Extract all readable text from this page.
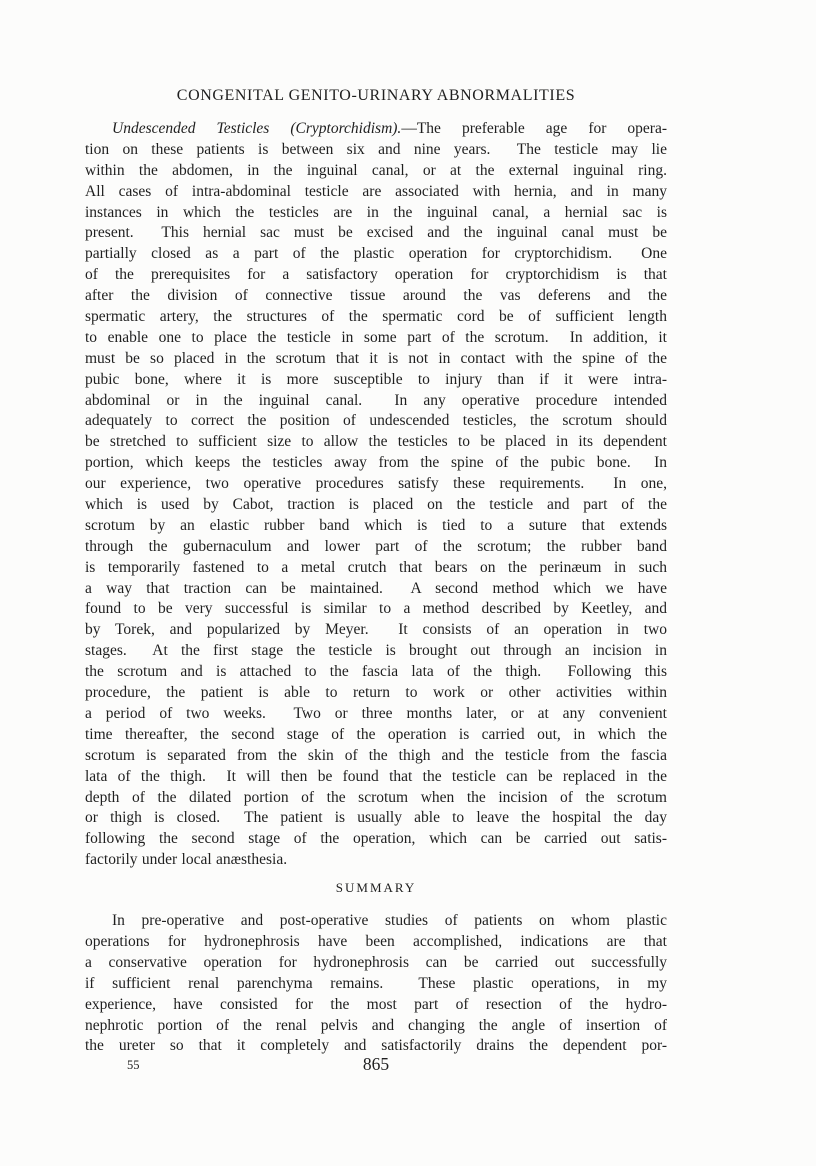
CONGENITAL GENITO-URINARY ABNORMALITIES
Undescended Testicles (Cryptorchidism).—The preferable age for opera-
tion on these patients is between six and nine years.  The testicle may lie
within the abdomen, in the inguinal canal, or at the external inguinal ring.
All cases of intra-abdominal testicle are associated with hernia, and in many
instances in which the testicles are in the inguinal canal, a hernial sac is
present.  This hernial sac must be excised and the inguinal canal must be
partially closed as a part of the plastic operation for cryptorchidism.  One
of the prerequisites for a satisfactory operation for cryptorchidism is that
after the division of connective tissue around the vas deferens and the
spermatic artery, the structures of the spermatic cord be of sufficient length
to enable one to place the testicle in some part of the scrotum.  In addition, it
must be so placed in the scrotum that it is not in contact with the spine of the
pubic bone, where it is more susceptible to injury than if it were intra-
abdominal or in the inguinal canal.  In any operative procedure intended
adequately to correct the position of undescended testicles, the scrotum should
be stretched to sufficient size to allow the testicles to be placed in its dependent
portion, which keeps the testicles away from the spine of the pubic bone.  In
our experience, two operative procedures satisfy these requirements.  In one,
which is used by Cabot, traction is placed on the testicle and part of the
scrotum by an elastic rubber band which is tied to a suture that extends
through the gubernaculum and lower part of the scrotum; the rubber band
is temporarily fastened to a metal crutch that bears on the perinæum in such
a way that traction can be maintained.  A second method which we have
found to be very successful is similar to a method described by Keetley, and
by Torek, and popularized by Meyer.  It consists of an operation in two
stages.  At the first stage the testicle is brought out through an incision in
the scrotum and is attached to the fascia lata of the thigh.  Following this
procedure, the patient is able to return to work or other activities within
a period of two weeks.  Two or three months later, or at any convenient
time thereafter, the second stage of the operation is carried out, in which the
scrotum is separated from the skin of the thigh and the testicle from the fascia
lata of the thigh.  It will then be found that the testicle can be replaced in the
depth of the dilated portion of the scrotum when the incision of the scrotum
or thigh is closed.  The patient is usually able to leave the hospital the day
following the second stage of the operation, which can be carried out satis-
factorily under local anæsthesia.
SUMMARY
In pre-operative and post-operative studies of patients on whom plastic
operations for hydronephrosis have been accomplished, indications are that
a conservative operation for hydronephrosis can be carried out successfully
if sufficient renal parenchyma remains.  These plastic operations, in my
experience, have consisted for the most part of resection of the hydro-
nephrotic portion of the renal pelvis and changing the angle of insertion of
the ureter so that it completely and satisfactorily drains the dependent por-
55	865
